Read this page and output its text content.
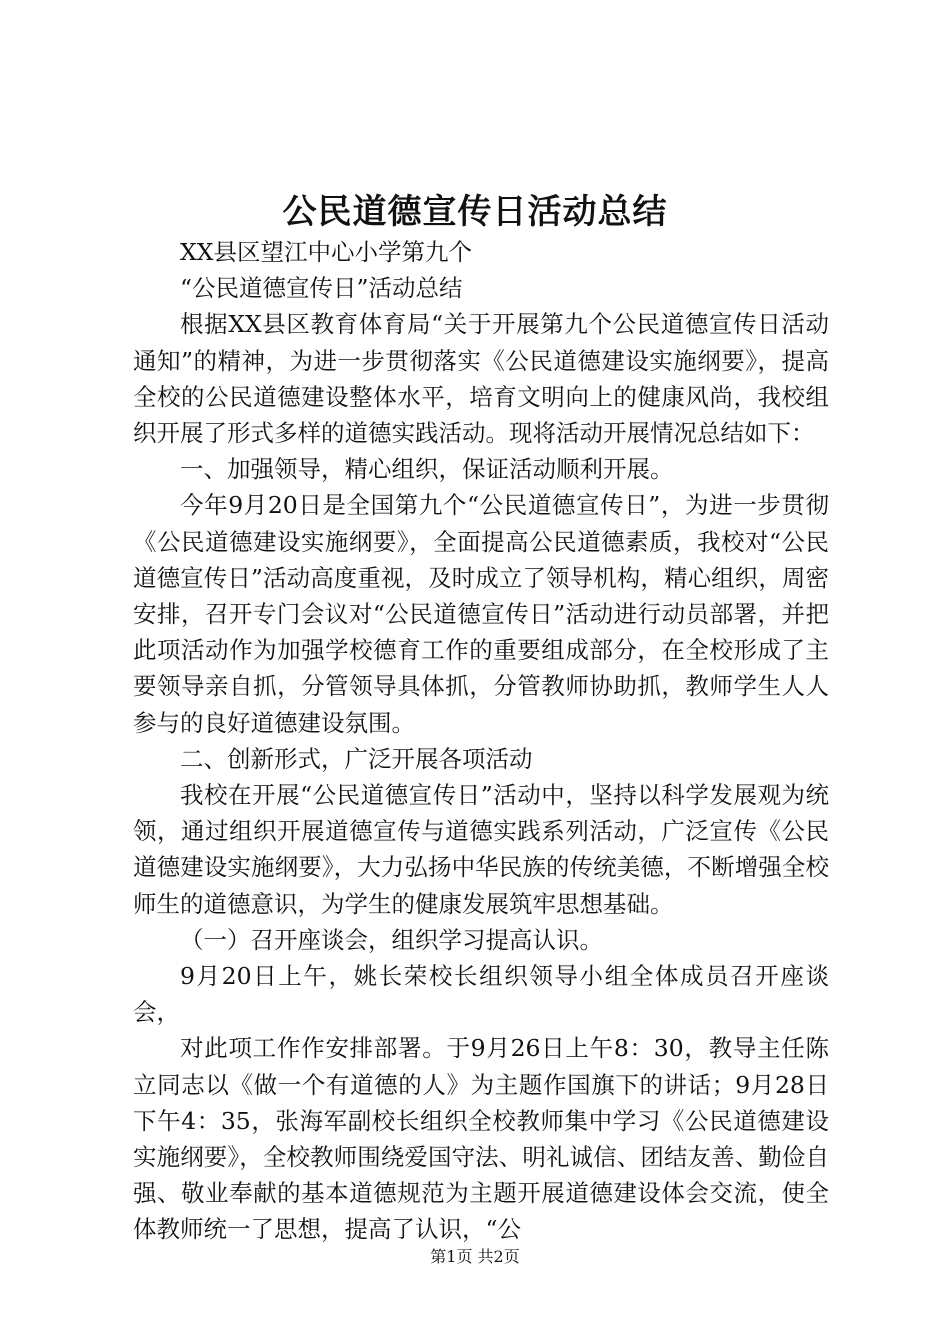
公民道德宣传日活动总结

XX县区望江中心小学第九个

“公民道德宣传日”活动总结

根据XX县区教育体育局“关于开展第九个公民道德宣传日活动通知”的精神，为进一步贯彻落实《公民道德建设实施纲要》，提高全校的公民道德建设整体水平，培育文明向上的健康风尚，我校组织开展了形式多样的道德实践活动。现将活动开展情况总结如下：

一、加强领导，精心组织，保证活动顺利开展。

今年9月20日是全国第九个“公民道德宣传日”，为进一步贯彻《公民道德建设实施纲要》，全面提高公民道德素质，我校对“公民道德宣传日”活动高度重视，及时成立了领导机构，精心组织，周密安排，召开专门会议对“公民道德宣传日”活动进行动员部署，并把此项活动作为加强学校德育工作的重要组成部分，在全校形成了主要领导亲自抓，分管领导具体抓，分管教师协助抓，教师学生人人参与的良好道德建设氛围。

二、创新形式，广泛开展各项活动

我校在开展“公民道德宣传日”活动中，坚持以科学发展观为统领，通过组织开展道德宣传与道德实践系列活动，广泛宣传《公民道德建设实施纲要》，大力弘扬中华民族的传统美德，不断增强全校师生的道德意识，为学生的健康发展筑牢思想基础。

（一）召开座谈会，组织学习提高认识。

9月20日上午，姚长荣校长组织领导小组全体成员召开座谈会，

对此项工作作安排部署。于9月26日上午8：30，教导主任陈立同志以《做一个有道德的人》为主题作国旗下的讲话；9月28日下午4：35，张海军副校长组织全校教师集中学习《公民道德建设实施纲要》，全校教师围绕爱国守法、明礼诚信、团结友善、勤俭自强、敬业奉献的基本道德规范为主题开展道德建设体会交流，使全体教师统一了思想，提高了认识，“公

第1页 共2页
